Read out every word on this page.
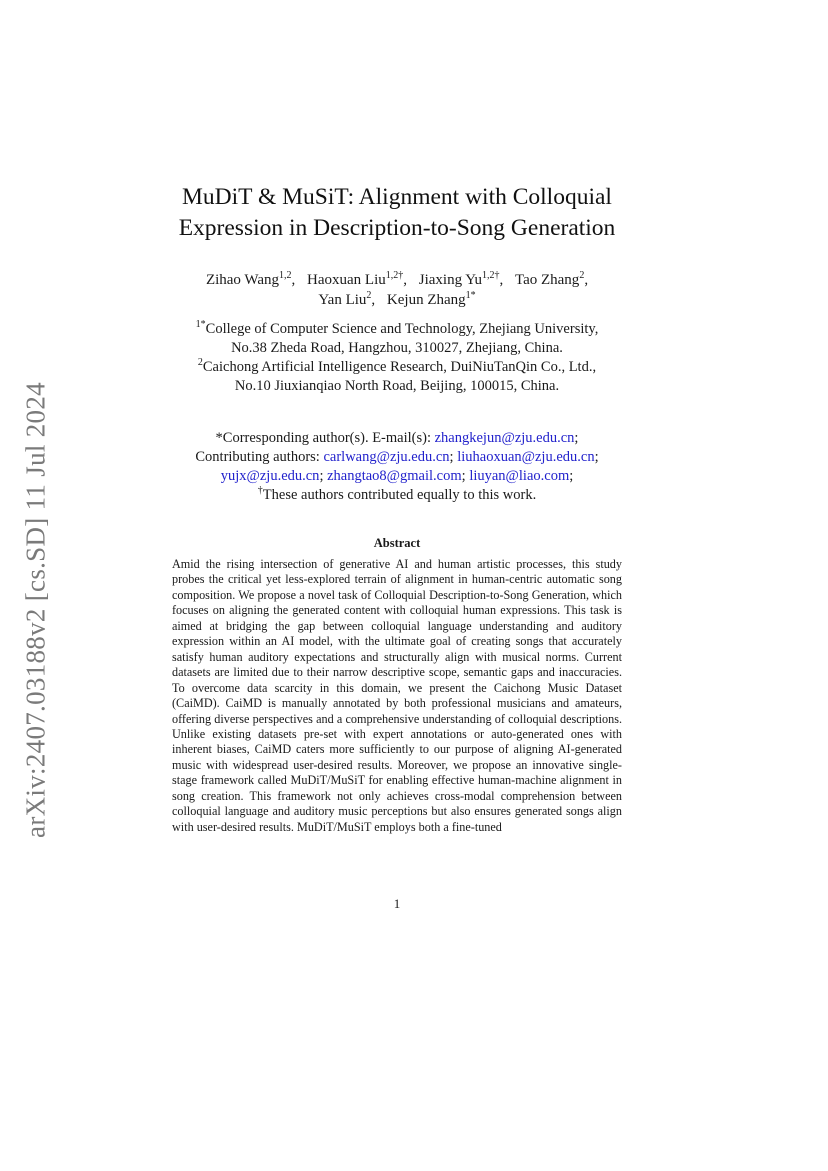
arXiv:2407.03188v2 [cs.SD] 11 Jul 2024
MuDiT & MuSiT: Alignment with Colloquial
Expression in Description-to-Song Generation
Zihao Wang$^{1,2}$, Haoxuan Liu$^{1,2\dagger}$, Jiaxing $Yu^{1,2\dagger}$, Tao Zhang$^2$,
Yan Liu$^2$, Kejun Zhang$^{1*}$

$^{1*}$College of Computer Science and Technology, Zhejiang University,

No.38 Zheda Road, Hangzhou, 310027, Zhejiang, China.

$^2$Caichong Artificial Intelligence Research, DuiNiuTanQin Co., Ltd.,

No.10 Jiuxianqiao North Road, Beijing, 100015, China.

*Corresponding author(s). E-mail(s): zhangkejun@zju.edu.cn;

Contributing authors: carlwang@zju.edu.cn; liuhaoxuan@zju.edu.cn;

yujx@zju.edu.cn; zhangtao8@gmail.com; liuyan@liao.com;

†These authors contributed equally to this work.

Abstract

Amid the rising intersection of generative AI and human artistic processes, this study probes the critical yet less-explored terrain of alignment in human-centric automatic song composition. We propose a novel task of Colloquial Description-to-Song Generation, which focuses on aligning the generated content with colloquial human expressions. This task is aimed at bridging the gap between colloquial language understanding and auditory expression within an AI model, with the ultimate goal of creating songs that accurately satisfy human auditory expectations and structurally align with musical norms. Current datasets are limited due to their narrow descriptive scope, semantic gaps and inaccuracies. To overcome data scarcity in this domain, we present the Caichong Music Dataset (CaiMD). CaiMD is manually annotated by both professional musicians and amateurs, offering diverse perspectives and a comprehensive understanding of colloquial descriptions. Unlike existing datasets pre-set with expert annotations or auto-generated ones with inherent biases, CaiMD caters more sufficiently to our purpose of aligning AI-generated music with widespread user-desired results. Moreover, we propose an innovative single-stage framework called MuDiT/MuSiT for enabling effective human-machine alignment in song creation. This framework not only achieves cross-modal comprehension between colloquial language and auditory music perceptions but also ensures generated songs align with user-desired results. MuDiT/MuSiT employs both a fine-tuned

1
